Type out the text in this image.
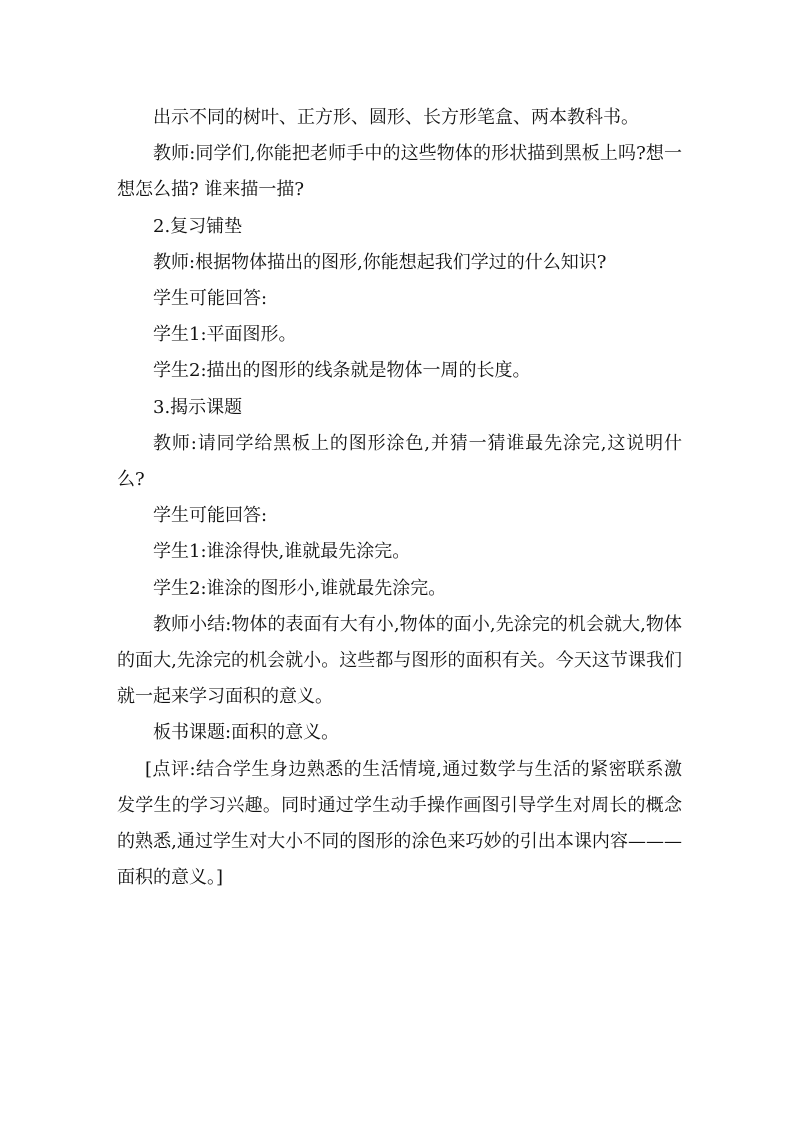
出示不同的树叶、正方形、圆形、长方形笔盒、两本教科书。

教师:同学们,你能把老师手中的这些物体的形状描到黑板上吗?想一想怎么描? 谁来描一描?

2.复习铺垫

教师:根据物体描出的图形,你能想起我们学过的什么知识?

学生可能回答:

学生1:平面图形。

学生2:描出的图形的线条就是物体一周的长度。

3.揭示课题

教师:请同学给黑板上的图形涂色,并猜一猜谁最先涂完,这说明什么?

学生可能回答:

学生1:谁涂得快,谁就最先涂完。

学生2:谁涂的图形小,谁就最先涂完。

教师小结:物体的表面有大有小,物体的面小,先涂完的机会就大,物体的面大,先涂完的机会就小。这些都与图形的面积有关。今天这节课我们就一起来学习面积的意义。

板书课题:面积的意义。

[点评:结合学生身边熟悉的生活情境,通过数学与生活的紧密联系激发学生的学习兴趣。同时通过学生动手操作画图引导学生对周长的概念的熟悉,通过学生对大小不同的图形的涂色来巧妙的引出本课内容——— 面积的意义。]
